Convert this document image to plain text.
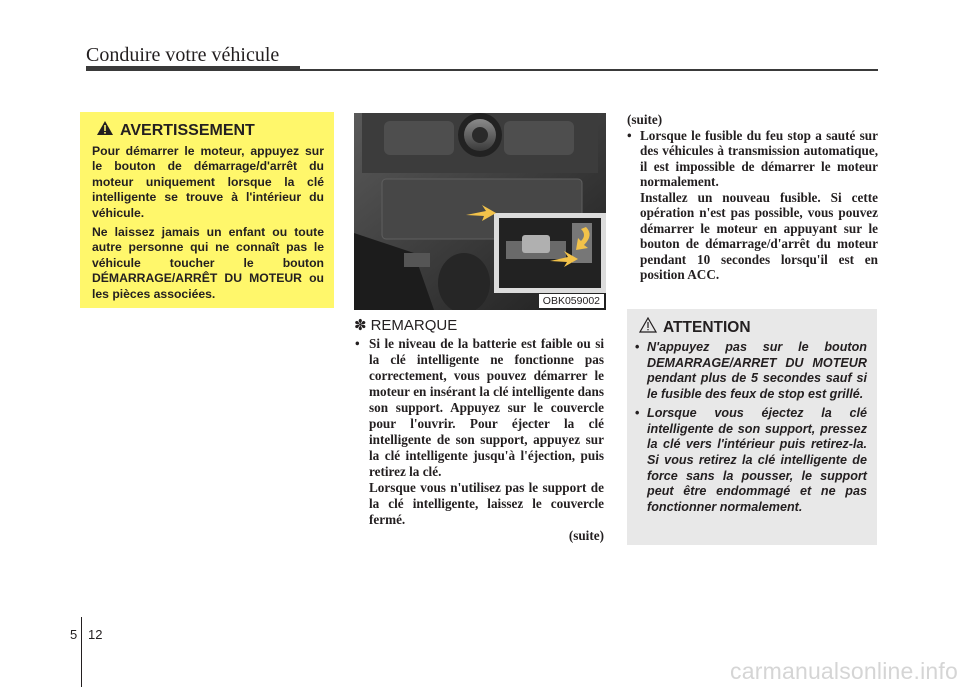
Conduire votre véhicule
AVERTISSEMENT

Pour démarrer le moteur, appuyez sur le bouton de démarrage/d'arrêt du moteur uniquement lorsque la clé intelligente se trouve à l'intérieur du véhicule.

Ne laissez jamais un enfant ou toute autre personne qui ne connaît pas le véhicule toucher le bouton DÉMARRAGE/ARRÊT DU MOTEUR ou les pièces associées.

OBK059002
✽ REMARQUE
• Si le niveau de la batterie est faible ou si la clé intelligente ne fonctionne pas correctement, vous pouvez démarrer le moteur en insérant la clé intelligente dans son support. Appuyez sur le couvercle pour l'ouvrir. Pour éjecter la clé intelligente de son support, appuyez sur la clé intelligente jusqu'à l'éjection, puis retirez la clé.
Lorsque vous n'utilisez pas le support de la clé intelligente, laissez le couvercle fermé.
(suite)
(suite)
• Lorsque le fusible du feu stop a sauté sur des véhicules à transmission automatique, il est impossible de démarrer le moteur normalement.
Installez un nouveau fusible. Si cette opération n'est pas possible, vous pouvez démarrer le moteur en appuyant sur le bouton de démarrage/d'arrêt du moteur pendant 10 secondes lorsqu'il est en position ACC.
ATTENTION
• N'appuyez pas sur le bouton DEMARRAGE/ARRET DU MOTEUR pendant plus de 5 secondes sauf si le fusible des feux de stop est grillé.
• Lorsque vous éjectez la clé intelligente de son support, pressez la clé vers l'intérieur puis retirez-la. Si vous retirez la clé intelligente de force sans la pousser, le support peut être endommagé et ne pas fonctionner normalement.
5 12
carmanualsonline.info
